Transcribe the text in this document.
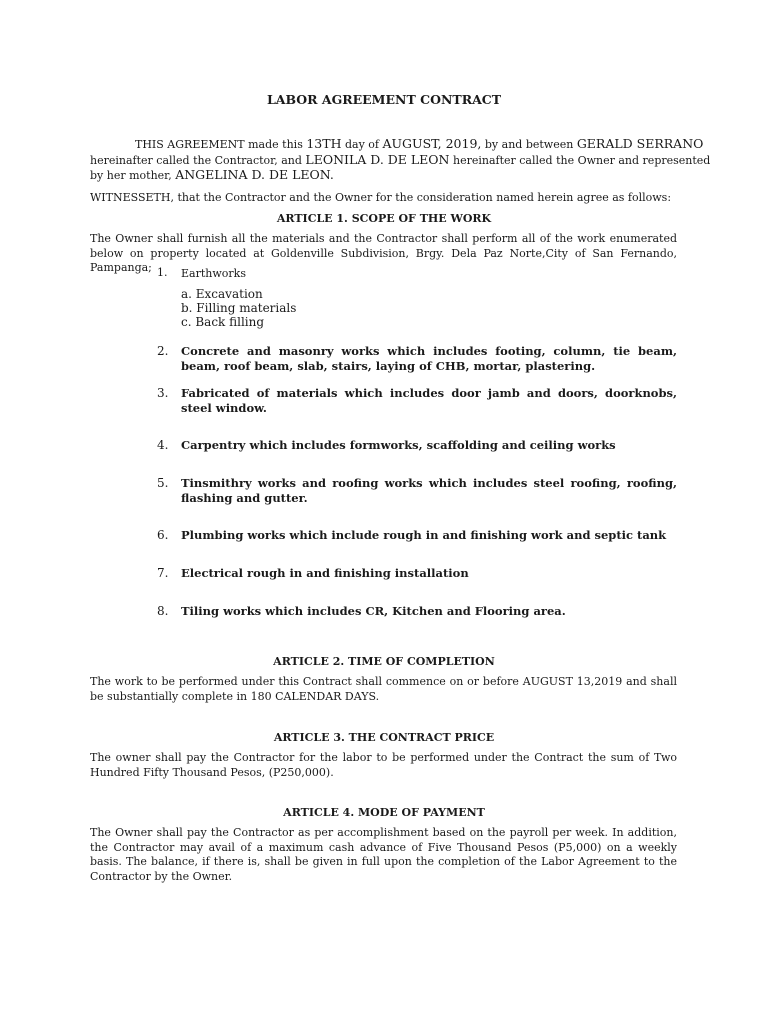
LABOR AGREEMENT CONTRACT
THIS AGREEMENT made this 13TH day of AUGUST, 2019, by and between GERALD SERRANO
hereinafter called the Contractor, and LEONILA D. DE LEON hereinafter called the Owner and represented
by her mother, ANGELINA D. DE LEON.
WITNESSETH, that the Contractor and the Owner for the consideration named herein agree as follows:
ARTICLE 1. SCOPE OF THE WORK
The Owner shall furnish all the materials and the Contractor shall perform all of the work enumerated below on property located at Goldenville Subdivision, Brgy. Dela Paz Norte,City of San Fernando, Pampanga; 1. Earthworks
a. Excavation
b. Filling materials
c. Back filling
2. Concrete and masonry works which includes footing, column, tie beam, beam, roof beam, slab, stairs, laying of CHB, mortar, plastering.
3. Fabricated of materials which includes door jamb and doors, doorknobs, steel window.
4. Carpentry which includes formworks, scaffolding and ceiling works
5. Tinsmithry works and roofing works which includes steel roofing, roofing, flashing and gutter.
6. Plumbing works which include rough in and finishing work and septic tank
7. Electrical rough in and finishing installation
8. Tiling works which includes CR, Kitchen and Flooring area.
ARTICLE 2. TIME OF COMPLETION
The work to be performed under this Contract shall commence on or before AUGUST 13,2019 and shall be substantially complete in 180 CALENDAR DAYS.
ARTICLE 3. THE CONTRACT PRICE
The owner shall pay the Contractor for the labor to be performed under the Contract the sum of Two Hundred Fifty Thousand Pesos, (P250,000).
ARTICLE 4. MODE OF PAYMENT
The Owner shall pay the Contractor as per accomplishment based on the payroll per week. In addition, the Contractor may avail of a maximum cash advance of Five Thousand Pesos (P5,000) on a weekly basis. The balance, if there is, shall be given in full upon the completion of the Labor Agreement to the Contractor by the Owner.
